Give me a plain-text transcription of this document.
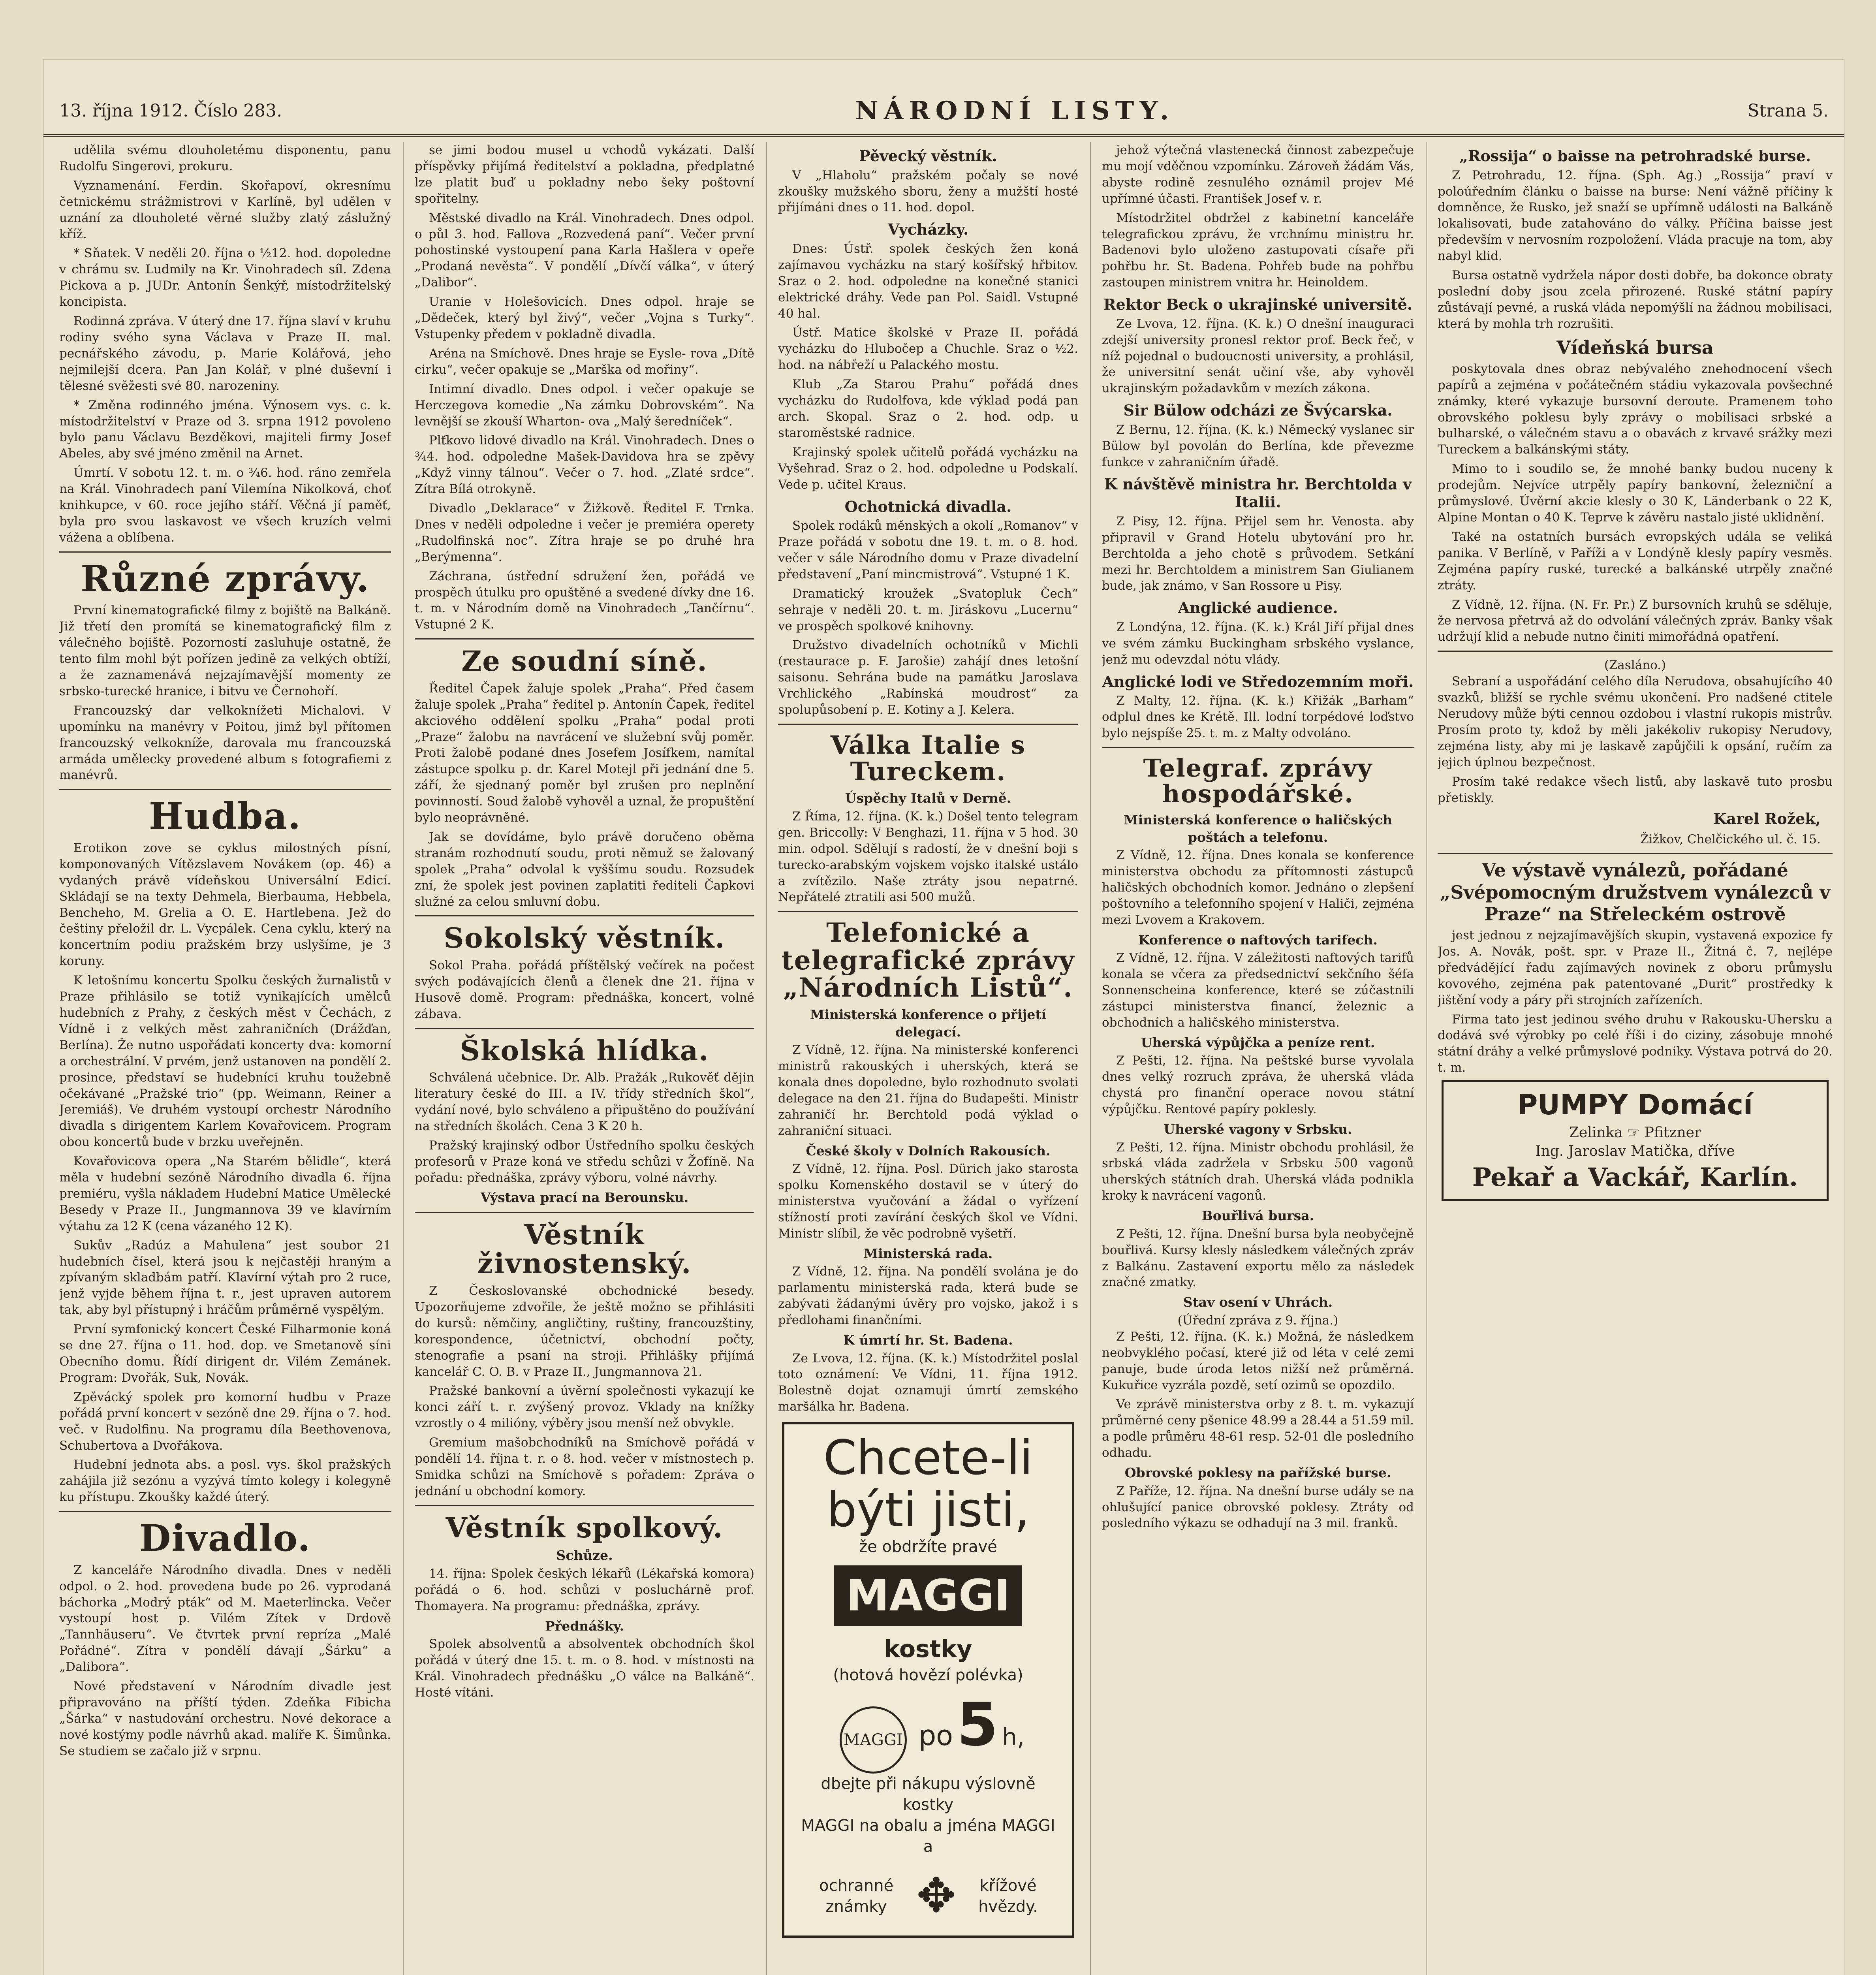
13. října 1912. Číslo 283.	NÁRODNÍ LISTY.	Strana 5.

udělila svému dlouholetému disponentu, panu Rudolfu Singerovi, prokuru.

Vyznamenání. Ferdin. Skořapoví, okresnímu četnickému strážmistrovi v Karlíně, byl udělen v uznání za dlouholeté věrné služby zlatý záslužný kříž.

* Sňatek. V neděli 20. října o ½12. hod. dopoledne v chrámu sv. Ludmily na Kr. Vinohradech síl. Zdena Pickova a p. JUDr. Antonín Šenkýř, místodržitelský koncipista.

Rodinná zpráva. V úterý dne 17. října slaví v kruhu rodiny svého syna Václava v Praze II. mal. pecnářského závodu, p. Marie Kolářová, jeho nejmilejší dcera. Pan Jan Kolář, v plné duševní i tělesné svěžesti své 80. narozeniny.

* Změna rodinného jména. Výnosem vys. c. k. místodržitelství v Praze od 3. srpna 1912 povoleno bylo panu Václavu Bezděkovi, majiteli firmy Josef Abeles, aby své jméno změnil na Arnet.

Úmrtí. V sobotu 12. t. m. o ¾6. hod. ráno zemřela na Král. Vinohradech paní Vilemína Nikolková, choť knihkupce, v 60. roce jejího stáří. Věčná jí paměť, byla pro svou laskavost ve všech kruzích velmi vážena a oblíbena.

Různé zprávy.

První kinematografické filmy z bojiště na Balkáně. Již třetí den promítá se kinematografický film z válečného bojiště. Pozorností zasluhuje ostatně, že tento film mohl být pořízen jedině za velkých obtíží, a že zaznamenává nejzajímavější momenty ze srbsko-turecké hranice, i bitvu ve Černohoří.

Francouzský dar velkoknížeti Michalovi. V upomínku na manévry v Poitou, jimž byl přítomen francouzský velkokníže, darovala mu francouzská armáda umělecky provedené album s fotografiemi z manévrů.

Hudba.

Erotikon zove se cyklus milostných písní, komponovaných Vítězslavem Novákem (op. 46) a vydaných právě vídeňskou Universální Edicí. Skládají se na texty Dehmela, Bierbauma, Hebbela, Bencheho, M. Grelia a O. E. Hartlebena. Jež do češtiny přeložil dr. L. Vycpálek. Cena cyklu, který na koncertním podiu pražském brzy uslyšíme, je 3 koruny.

K letošnímu koncertu Spolku českých žurnalistů v Praze přihlásilo se totiž vynikajících umělců hudebních z Prahy, z českých měst v Čechách, z Vídně i z velkých měst zahraničních (Drážďan, Berlína). Že nutno uspořádati koncerty dva: komorní a orchestrální. V prvém, jenž ustanoven na pondělí 2. prosince, představí se hudebníci kruhu toužebně očekávané „Pražské trio“ (pp. Weimann, Reiner a Jeremiáš). Ve druhém vystoupí orchestr Národního divadla s dirigentem Karlem Kovařovicem. Program obou koncertů bude v brzku uveřejněn.

Kovařovicova opera „Na Starém bělidle“, která měla v hudební sezóně Národního divadla 6. října premiéru, vyšla nákladem Hudební Matice Umělecké Besedy v Praze II., Jungmannova 39 ve klavírním výtahu za 12 K (cena vázaného 12 K).

Sukův „Radúz a Mahulena“ jest soubor 21 hudebních čísel, která jsou k nejčastěji hraným a zpívaným skladbám patří. Klavírní výtah pro 2 ruce, jenž vyjde během října t. r., jest upraven autorem tak, aby byl přístupný i hráčům průměrně vyspělým.

První symfonický koncert České Filharmonie koná se dne 27. října o 11. hod. dop. ve Smetanově síni Obecního domu. Řídí dirigent dr. Vilém Zemánek. Program: Dvořák, Suk, Novák.

Zpěvácký spolek pro komorní hudbu v Praze pořádá první koncert v sezóně dne 29. října o 7. hod. več. v Rudolfinu. Na programu díla Beethovenova, Schubertova a Dvořákova.

Hudební jednota abs. a posl. vys. škol pražských zahájila již sezónu a vyzývá tímto kolegy i kolegyně ku přístupu. Zkoušky každé úterý.

Divadlo.

Z kanceláře Národního divadla. Dnes v neděli odpol. o 2. hod. provedena bude po 26. vyprodaná báchorka „Modrý pták“ od M. Maeterlincka. Večer vystoupí host p. Vilém Zítek v Drdově „Tannhäuseru“. Ve čtvrtek první repríza „Malé Pořádné“. Zítra v pondělí dávají „Šárku“ a „Dalibora“.

Nové představení v Národním divadle jest připravováno na příští týden. Zdeňka Fibicha „Šárka“ v nastudování orchestru. Nové dekorace a nové kostýmy podle návrhů akad. malíře K. Šimůnka. Se studiem se začalo již v srpnu.

se jimi bodou musel u vchodů vykázati. Další příspěvky přijímá ředitelství a pokladna, předplatné lze platit buď u pokladny nebo šeky poštovní spořitelny.

Městské divadlo na Král. Vinohradech. Dnes odpol. o půl 3. hod. Fallova „Rozvedená paní“. Večer první pohostinské vystoupení pana Karla Hašlera v opeře „Prodaná nevěsta“. V pondělí „Dívčí válka“, v úterý „Dalibor“.

Uranie v Holešovicích. Dnes odpol. hraje se „Dědeček, který byl živý“, večer „Vojna s Turky“. Vstupenky předem v pokladně divadla.

Aréna na Smíchově. Dnes hraje se Eysle- rova „Dítě cirku“, večer opakuje se „Marška od mořiny“.

Intimní divadlo. Dnes odpol. i večer opakuje se Herczegova komedie „Na zámku Dobrovském“. Na levnější se zkouší Wharton- ova „Malý šeredníček“.

Plťkovo lidové divadlo na Král. Vinohradech. Dnes o ¾4. hod. odpoledne Mašek-Davidova hra se zpěvy „Když vinny tálnou“. Večer o 7. hod. „Zlaté srdce“. Zítra Bílá otrokyně.

Divadlo „Deklarace“ v Žižkově. Ředitel F. Trnka. Dnes v neděli odpoledne i večer je premiéra operety „Rudolfinská noc“. Zítra hraje se po druhé hra „Berýmenna“.

Záchrana, ústřední sdružení žen, pořádá ve prospěch útulku pro opuštěné a svedené dívky dne 16. t. m. v Národním domě na Vinohradech „Tančírnu“. Vstupné 2 K.

Ze soudní síně.

Ředitel Čapek žaluje spolek „Praha“. Před časem žaluje spolek „Praha“ ředitel p. Antonín Čapek, ředitel akciového oddělení spolku „Praha“ podal proti „Praze“ žalobu na navrácení ve služební svůj poměr. Proti žalobě podané dnes Josefem Josífkem, namítal zástupce spolku p. dr. Karel Motejl při jednání dne 5. září, že sjednaný poměr byl zrušen pro neplnění povinností. Soud žalobě vyhověl a uznal, že propuštění bylo neoprávněné.

Jak se dovídáme, bylo právě doručeno oběma stranám rozhodnutí soudu, proti němuž se žalovaný spolek „Praha“ odvolal k vyššímu soudu. Rozsudek zní, že spolek jest povinen zaplatiti řediteli Čapkovi služné za celou smluvní dobu.

Sokolský věstník.

Sokol Praha. pořádá příštělský večírek na počest svých podávajících členů a členek dne 21. října v Husově domě. Program: přednáška, koncert, volné zábava.

Školská hlídka.

Schválená učebnice. Dr. Alb. Pražák „Rukověť dějin literatury české do III. a IV. třídy středních škol“, vydání nové, bylo schváleno a připuštěno do používání na středních školách. Cena 3 K 20 h.

Pražský krajinský odbor Ústředního spolku českých profesorů v Praze koná ve středu schůzi v Žofíně. Na pořadu: přednáška, zprávy výboru, volné návrhy.

Výstava prací na Berounsku.
Věstník živnostenský.

Z Českoslovanské obchodnické besedy. Upozorňujeme zdvořile, že ještě možno se přihlásiti do kursů: němčiny, angličtiny, ruštiny, francouzštiny, korespondence, účetnictví, obchodní počty, stenografie a psaní na stroji. Přihlášky přijímá kancelář C. O. B. v Praze II., Jungmannova 21.

Pražské bankovní a úvěrní společnosti vykazují ke konci září t. r. zvýšený provoz. Vklady na knížky vzrostly o 4 milióny, výběry jsou menší než obvykle.

Gremium mašobchodníků na Smíchově pořádá v pondělí 14. října t. r. o 8. hod. večer v místnostech p. Smidka schůzi na Smíchově s pořadem: Zpráva o jednání u obchodní komory.

Věstník spolkový.
Schůze.

14. října: Spolek českých lékařů (Lékařská komora) pořádá o 6. hod. schůzi v posluchárně prof. Thomayera. Na programu: přednáška, zprávy.

Přednášky.

Spolek absolventů a absolventek obchodních škol pořádá v úterý dne 15. t. m. o 8. hod. v místnosti na Král. Vinohradech přednášku „O válce na Balkáně“. Hosté vítáni.

Pěvecký věstník.

V „Hlaholu“ pražském počaly se nové zkoušky mužského sboru, ženy a mužští hosté přijímáni dnes o 11. hod. dopol.

Vycházky.

Dnes: Ústř. spolek českých žen koná zajímavou vycházku na starý košířský hřbitov. Sraz o 2. hod. odpoledne na konečné stanici elektrické dráhy. Vede pan Pol. Saidl. Vstupné 40 hal.

Ústř. Matice školské v Praze II. pořádá vycházku do Hlubočep a Chuchle. Sraz o ½2. hod. na nábřeží u Palackého mostu.

Klub „Za Starou Prahu“ pořádá dnes vycházku do Rudolfova, kde výklad podá pan arch. Skopal. Sraz o 2. hod. odp. u staroměstské radnice.

Krajinský spolek učitelů pořádá vycházku na Vyšehrad. Sraz o 2. hod. odpoledne u Podskalí. Vede p. učitel Kraus.

Ochotnická divadla.

Spolek rodáků měnských a okolí „Romanov“ v Praze pořádá v sobotu dne 19. t. m. o 8. hod. večer v sále Národního domu v Praze divadelní představení „Paní mincmistrová“. Vstupné 1 K.

Dramatický kroužek „Svatopluk Čech“ sehraje v neděli 20. t. m. Jiráskovu „Lucernu“ ve prospěch spolkové knihovny.

Družstvo divadelních ochotníků v Michli (restaurace p. F. Jarošie) zahájí dnes letošní saisonu. Sehrána bude na památku Jaroslava Vrchlického „Rabínská moudrost“ za spolupůsobení p. E. Kotiny a J. Kelera.

Válka Italie s Tureckem.
Úspěchy Italů v Derně.

Z Říma, 12. října. (K. k.) Došel tento telegram gen. Briccolly: V Benghazi, 11. října v 5 hod. 30 min. odpol. Sdělují s radostí, že v dnešní boji s turecko-arabským vojskem vojsko italské ustálo a zvítězilo. Naše ztráty jsou nepatrné. Nepřátelé ztratili asi 500 mužů.

Telefonické a telegrafické zprávy „Národních Listů“.
Ministerská konference o přijetí delegací.

Z Vídně, 12. října. Na ministerské konferenci ministrů rakouských i uherských, která se konala dnes dopoledne, bylo rozhodnuto svolati delegace na den 21. října do Budapešti. Ministr zahraničí hr. Berchtold podá výklad o zahraniční situaci.

České školy v Dolních Rakousích.

Z Vídně, 12. října. Posl. Dürich jako starosta spolku Komenského dostavil se v úterý do ministerstva vyučování a žádal o vyřízení stížností proti zavírání českých škol ve Vídni. Ministr slíbil, že věc podrobně vyšetří.

Ministerská rada.

Z Vídně, 12. října. Na pondělí svolána je do parlamentu ministerská rada, která bude se zabývati žádanými úvěry pro vojsko, jakož i s předlohami finančními.

K úmrtí hr. St. Badena.

Ze Lvova, 12. října. (K. k.) Místodržitel poslal toto oznámení: Ve Vídni, 11. října 1912. Bolestně dojat oznamuji úmrtí zemského maršálka hr. Badena.

Chcete-li býti jisti,
že obdržíte pravé
MAGGI kostky
(hotová hovězí polévka)
MAGGI po 5 h,
dbejte při nákupu výslovně kostky
MAGGI na obalu a jména MAGGI a
ochranné známky ✥	křížové hvězdy.

jehož výtečná vlastenecká činnost zabezpečuje mu mojí vděčnou vzpomínku. Zároveň žádám Vás, abyste rodině zesnulého oznámil projev Mé upřímné účasti. František Josef v. r.

Místodržitel obdržel z kabinetní kanceláře telegrafickou zprávu, že vrchnímu ministru hr. Badenovi bylo uloženo zastupovati císaře při pohřbu hr. St. Badena. Pohřeb bude na pohřbu zastoupen ministrem vnitra hr. Heinoldem.

Rektor Beck o ukrajinské universitě.

Ze Lvova, 12. října. (K. k.) O dnešní inauguraci zdejší university pronesl rektor prof. Beck řeč, v níž pojednal o budoucnosti university, a prohlásil, že universitní senát učiní vše, aby vyhověl ukrajinským požadavkům v mezích zákona.

Sir Bülow odcházi ze Švýcarska.

Z Bernu, 12. října. (K. k.) Německý vyslanec sir Bülow byl povolán do Berlína, kde převezme funkce v zahraničním úřadě.

K návštěvě ministra hr. Berchtolda v Italii.

Z Pisy, 12. října. Přijel sem hr. Venosta. aby připravil v Grand Hotelu ubytování pro hr. Berchtolda a jeho chotě s průvodem. Setkání mezi hr. Berchtoldem a ministrem San Giulianem bude, jak známo, v San Rossore u Pisy.

Anglické audience.

Z Londýna, 12. října. (K. k.) Král Jiří přijal dnes ve svém zámku Buckingham srbského vyslance, jenž mu odevzdal nótu vlády.

Anglické lodi ve Středozemním moři.

Z Malty, 12. října. (K. k.) Křižák „Barham“ odplul dnes ke Krétě. Ill. lodní torpédové loďstvo bylo nejspíše 25. t. m. z Malty odvoláno.

Telegraf. zprávy hospodářské.
Ministerská konference o haličských poštách a telefonu.

Z Vídně, 12. října. Dnes konala se konference ministerstva obchodu za přítomnosti zástupců haličských obchodních komor. Jednáno o zlepšení poštovního a telefonního spojení v Haliči, zejména mezi Lvovem a Krakovem.

Konference o naftových tarifech.

Z Vídně, 12. října. V záležitosti naftových tarifů konala se včera za předsednictví sekčního šéfa Sonnenscheina konference, které se zúčastnili zástupci ministerstva financí, železnic a obchodních a haličského ministerstva.

Uherská výpůjčka a peníze rent.

Z Pešti, 12. října. Na peštské burse vyvolala dnes velký rozruch zpráva, že uherská vláda chystá pro finanční operace novou státní výpůjčku. Rentové papíry poklesly.

Uherské vagony v Srbsku.

Z Pešti, 12. října. Ministr obchodu prohlásil, že srbská vláda zadržela v Srbsku 500 vagonů uherských státních drah. Uherská vláda podnikla kroky k navrácení vagonů.

Bouřlivá bursa.

Z Pešti, 12. října. Dnešní bursa byla neobyčejně bouřlivá. Kursy klesly následkem válečných zpráv z Balkánu. Zastavení exportu mělo za následek značné zmatky.

Stav osení v Uhrách.
(Úřední zpráva z 9. října.)

Z Pešti, 12. října. (K. k.) Možná, že následkem neobvyklého počasí, které již od léta v celé zemi panuje, bude úroda letos nižší než průměrná. Kukuřice vyzrála pozdě, setí ozimů se opozdilo.

Ve zprávě ministerstva orby z 8. t. m. vykazují průměrné ceny pšenice 48.99 a 28.44 a 51.59 mil. a podle průměru 48-61 resp. 52-01 dle posledního odhadu.

Obrovské poklesy na pařížské burse.

Z Paříže, 12. října. Na dnešní burse udály se na ohlušující panice obrovské poklesy. Ztráty od posledního výkazu se odhadují na 3 mil. franků.

„Rossija“ o baisse na petrohradské burse.

Z Petrohradu, 12. října. (Sph. Ag.) „Rossija“ praví v poloúředním článku o baisse na burse: Není vážně příčiny k domněnce, že Rusko, jež snaží se upřímně události na Balkáně lokalisovati, bude zatahováno do války. Příčina baisse jest především v nervosním rozpoložení. Vláda pracuje na tom, aby nabyl klid.

Bursa ostatně vydržela nápor dosti dobře, ba dokonce obraty poslední doby jsou zcela přirozené. Ruské státní papíry zůstávají pevné, a ruská vláda nepomýšlí na žádnou mobilisaci, která by mohla trh rozrušiti.

Vídeňská bursa

poskytovala dnes obraz nebývalého znehodnocení všech papírů a zejména v počátečném stádiu vykazovala povšechné známky, které vykazuje bursovní deroute. Pramenem toho obrovského poklesu byly zprávy o mobilisaci srbské a bulharské, o válečném stavu a o obavách z krvavé srážky mezi Tureckem a balkánskými státy.

Mimo to i soudilo se, že mnohé banky budou nuceny k prodejům. Nejvíce utrpěly papíry bankovní, železniční a průmyslové. Úvěrní akcie klesly o 30 K, Länderbank o 22 K, Alpine Montan o 40 K. Teprve k závěru nastalo jisté uklidnění.

Také na ostatních bursách evropských udála se veliká panika. V Berlíně, v Paříži a v Londýně klesly papíry vesměs. Zejména papíry ruské, turecké a balkánské utrpěly značné ztráty.

Z Vídně, 12. října. (N. Fr. Pr.) Z bursovních kruhů se sděluje, že nervosa přetrvá až do odvolání válečných zpráv. Banky však udržují klid a nebude nutno činiti mimořádná opatření.

(Zasláno.)

Sebraní a uspořádání celého díla Nerudova, obsahujícího 40 svazků, bližší se rychle svému ukončení. Pro nadšené ctitele Nerudovy může býti cennou ozdobou i vlastní rukopis mistrův. Prosím proto ty, kdož by měli jakékoliv rukopisy Nerudovy, zejména listy, aby mi je laskavě zapůjčili k opsání, ručím za jejich úplnou bezpečnost.

Prosím také redakce všech listů, aby laskavě tuto prosbu přetiskly.

Karel Rožek,
Žižkov, Chelčického ul. č. 15.
Ve výstavě vynálezů, pořádané „Svépomocným družstvem vynálezců v Praze“ na Střeleckém ostrově

jest jednou z nejzajímavějších skupin, vystavená expozice fy Jos. A. Novák, pošt. spr. v Praze II., Žitná č. 7, nejlépe předvádějící řadu zajímavých novinek z oboru průmyslu kovového, zejména pak patentované „Durit“ prostředky k jištění vody a páry při strojních zařízeních.

Firma tato jest jedinou svého druhu v Rakousku-Uhersku a dodává své výrobky po celé říši i do ciziny, zásobuje mnohé státní dráhy a velké průmyslové podniky. Výstava potrvá do 20. t. m.

PUMPY Domácí
Zelinka ☞ Pfitzner
Ing. Jaroslav Matička, dříve
Pekař a Vackář, Karlín.
